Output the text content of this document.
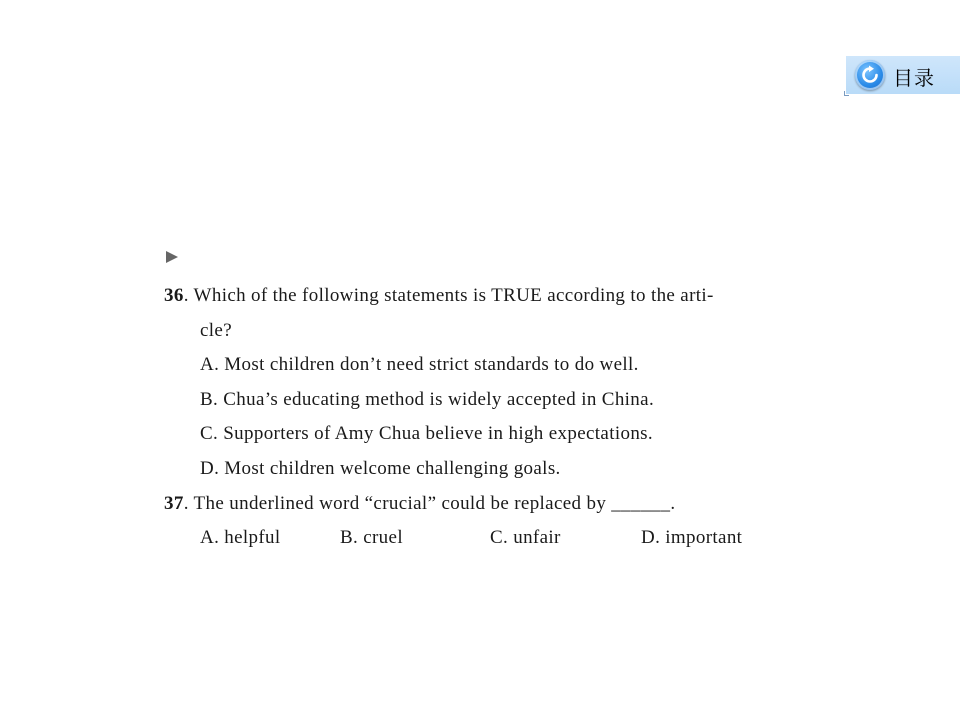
目录
36. Which of the following statements is TRUE according to the arti-
cle?
A. Most children don’t need strict standards to do well.
B. Chua’s educating method is widely accepted in China.
C. Supporters of Amy Chua believe in high expectations.
D. Most children welcome challenging goals.
37. The underlined word “crucial” could be replaced by ______.
A. helpful	B. cruel	C. unfair	D. important
